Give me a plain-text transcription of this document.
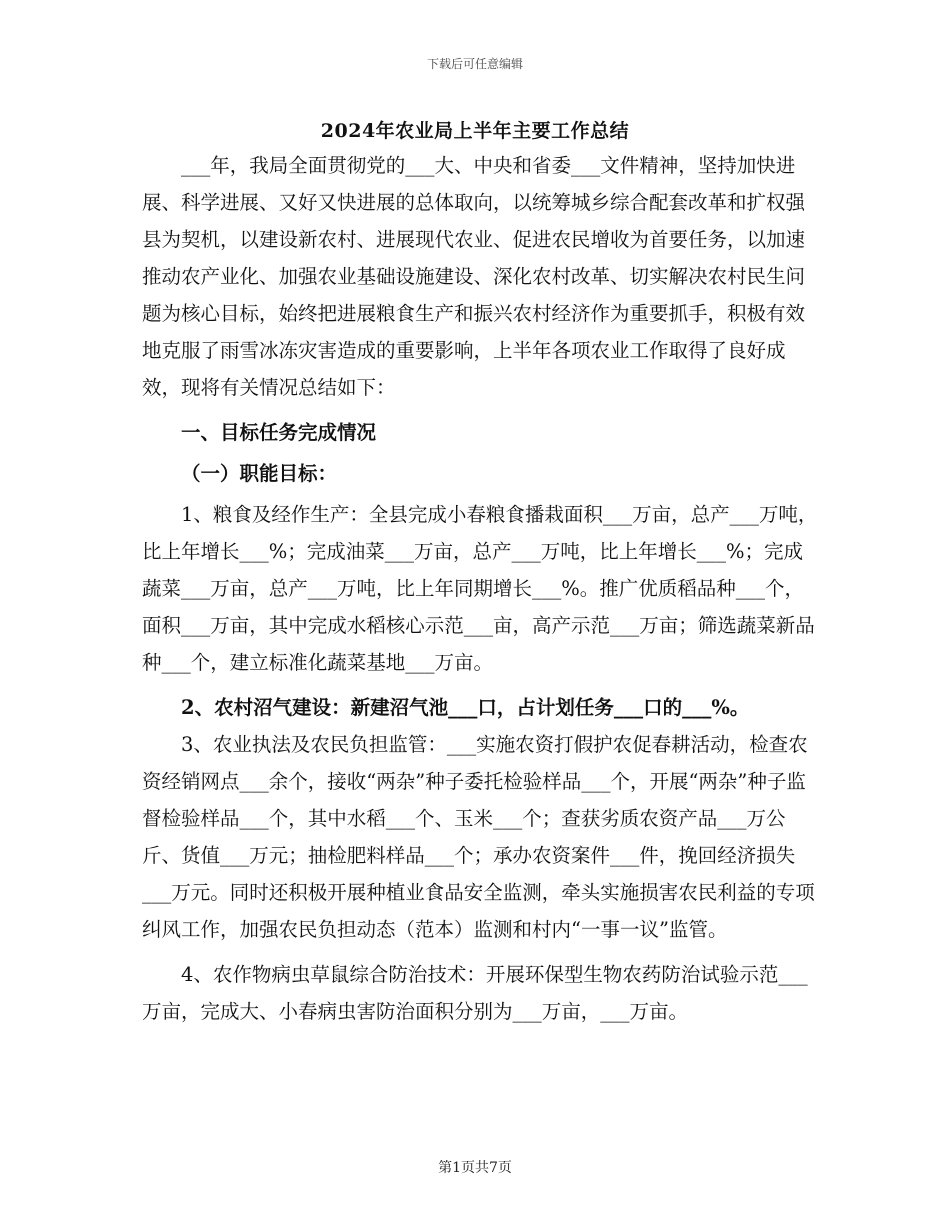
下载后可任意编辑
2024年农业局上半年主要工作总结

___年，我局全面贯彻党的___大、中央和省委___文件精神，坚持加快进展、科学进展、又好又快进展的总体取向，以统筹城乡综合配套改革和扩权强县为契机，以建设新农村、进展现代农业、促进农民增收为首要任务，以加速推动农产业化、加强农业基础设施建设、深化农村改革、切实解决农村民生问题为核心目标，始终把进展粮食生产和振兴农村经济作为重要抓手，积极有效地克服了雨雪冰冻灾害造成的重要影响，上半年各项农业工作取得了良好成效，现将有关情况总结如下：

一、目标任务完成情况

（一）职能目标：

1、粮食及经作生产：全县完成小春粮食播栽面积___万亩，总产___万吨，比上年增长___%；完成油菜___万亩，总产___万吨，比上年增长___%；完成蔬菜___万亩，总产___万吨，比上年同期增长___%。推广优质稻品种___个，面积___万亩，其中完成水稻核心示范___亩，高产示范___万亩；筛选蔬菜新品种___个，建立标准化蔬菜基地___万亩。

2、农村沼气建设：新建沼气池___口，占计划任务___口的___%。

3、农业执法及农民负担监管：___实施农资打假护农促春耕活动，检查农资经销网点___余个，接收“两杂”种子委托检验样品___个，开展“两杂”种子监督检验样品___个，其中水稻___个、玉米___个；查获劣质农资产品___万公斤、货值___万元；抽检肥料样品___个；承办农资案件___件，挽回经济损失___万元。同时还积极开展种植业食品安全监测，牵头实施损害农民利益的专项纠风工作，加强农民负担动态（范本）监测和村内“一事一议”监管。

4、农作物病虫草鼠综合防治技术：开展环保型生物农药防治试验示范___万亩，完成大、小春病虫害防治面积分别为___万亩，___万亩。

第1页共7页
